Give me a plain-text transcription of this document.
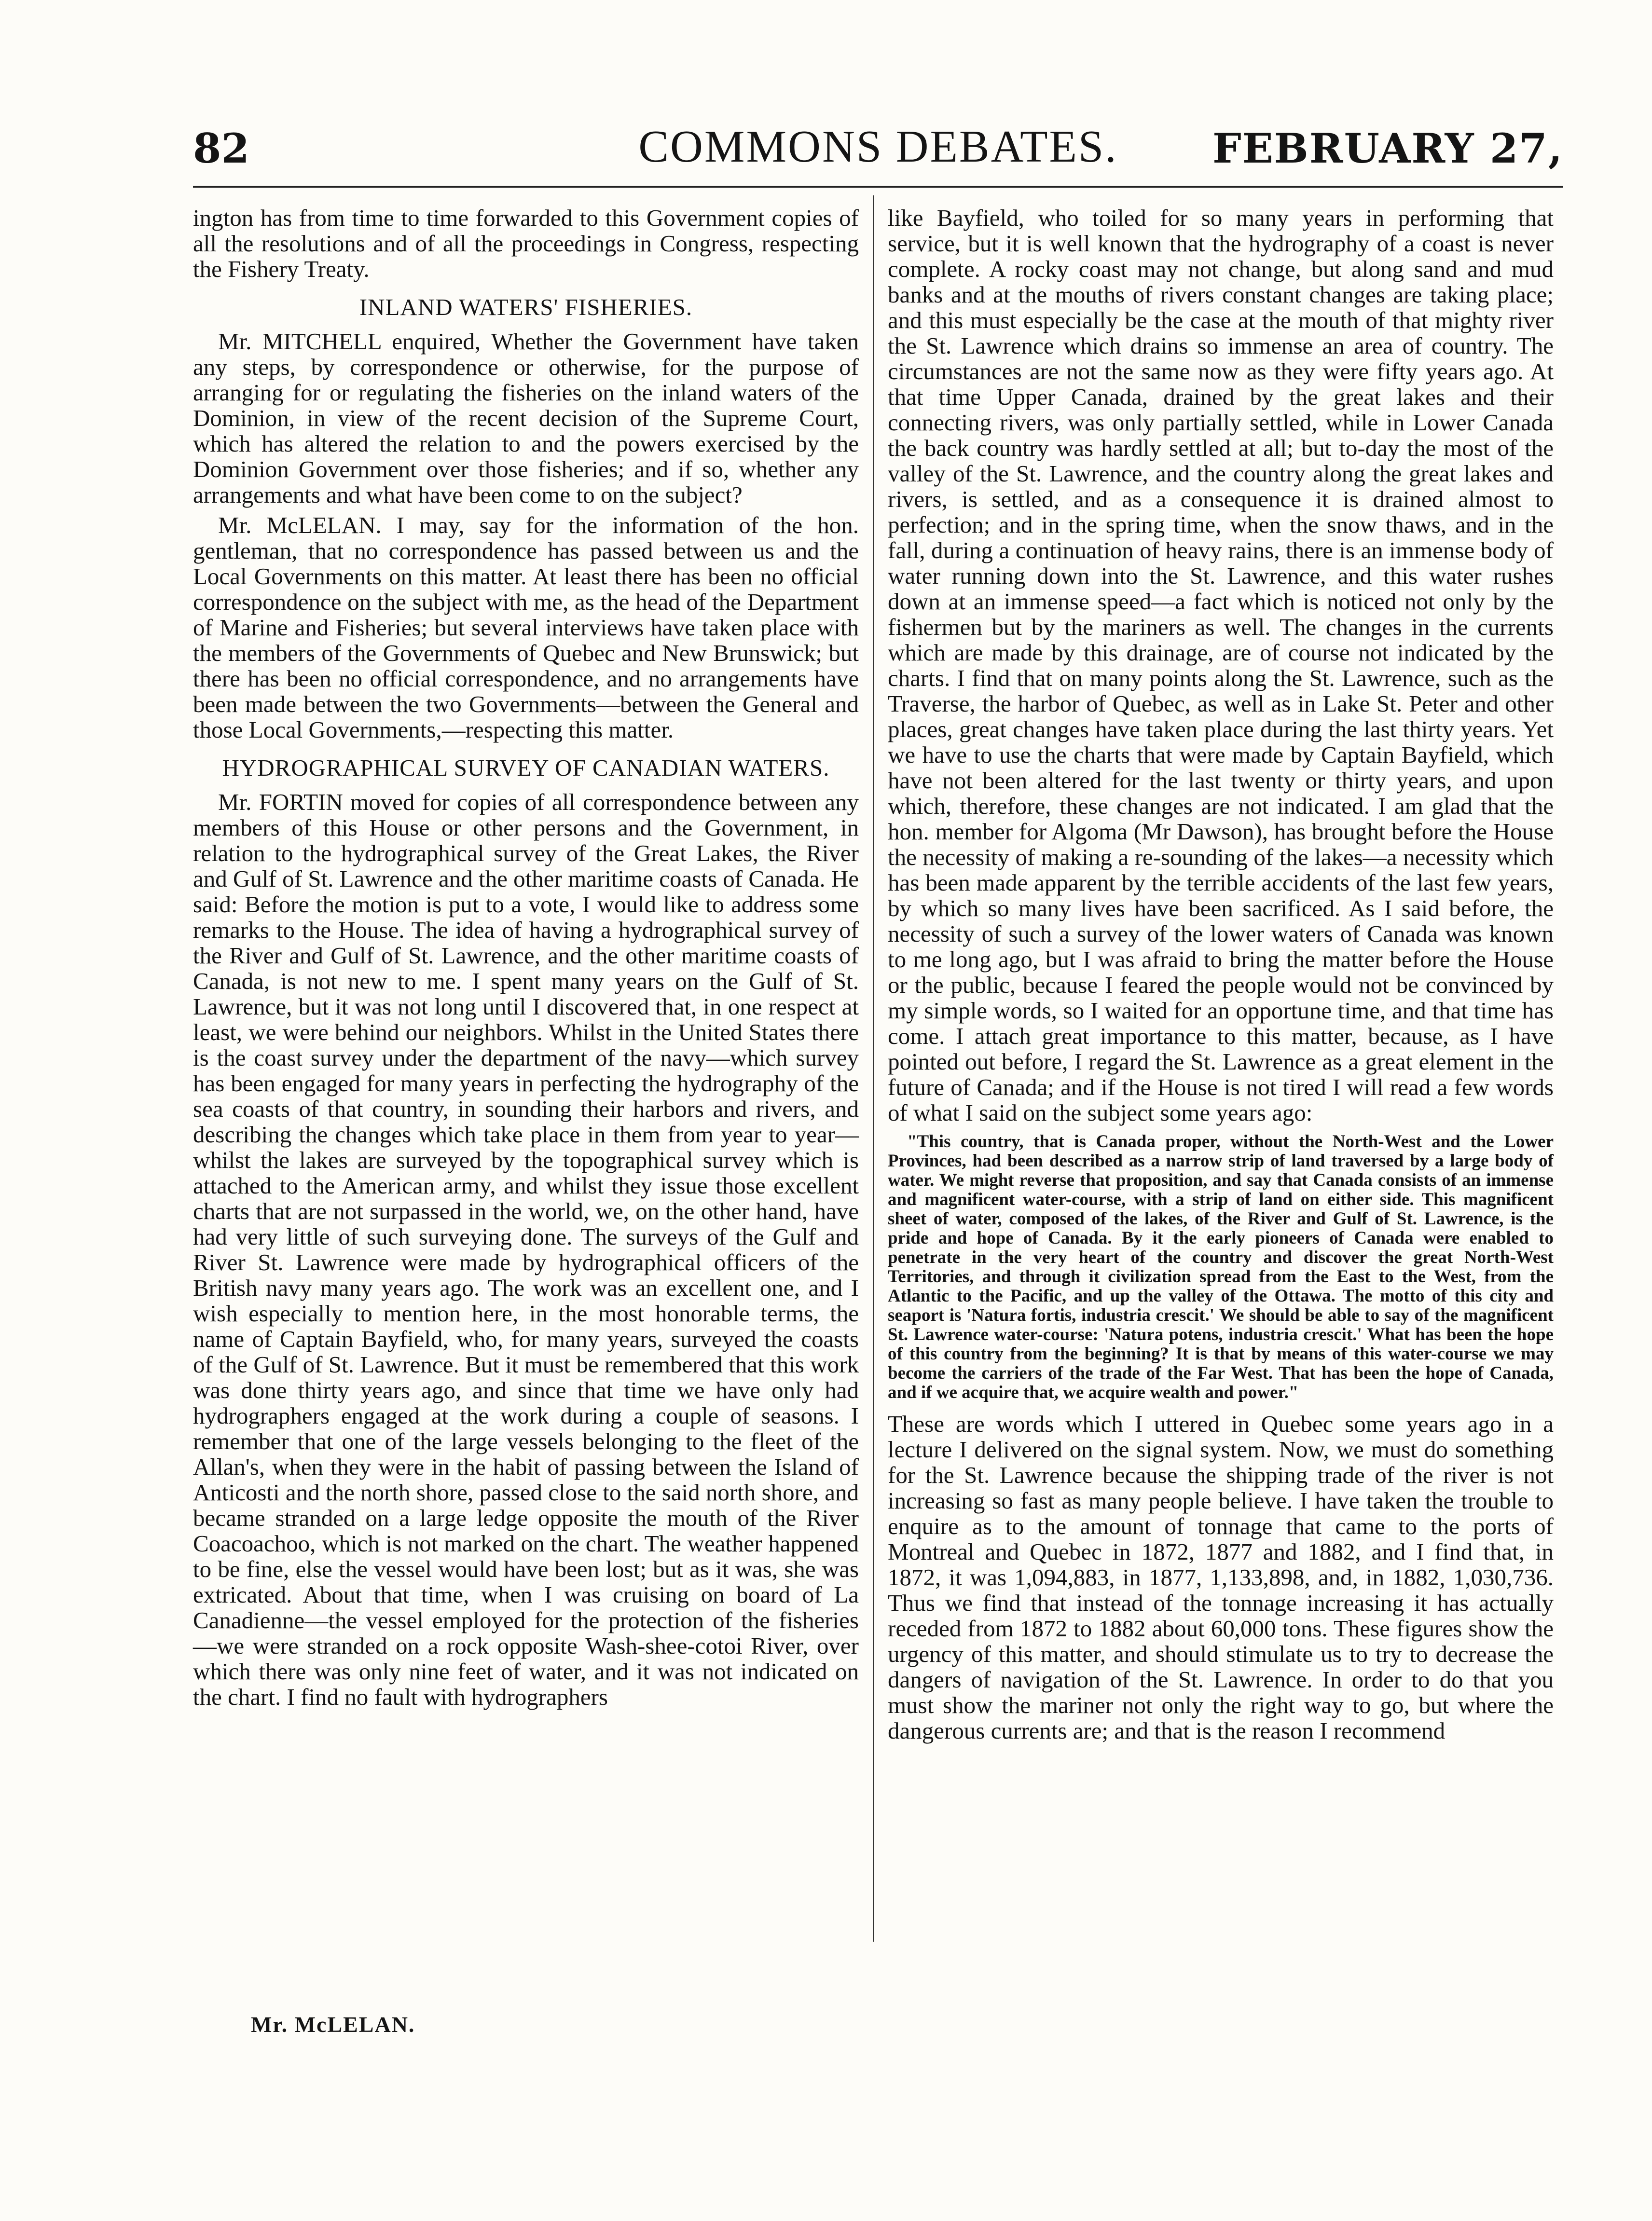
82	COMMONS DEBATES.	FEBRUARY 27,

ington has from time to time forwarded to this Government copies of all the resolutions and of all the proceedings in Congress, respecting the Fishery Treaty.

INLAND WATERS' FISHERIES.

Mr. MITCHELL enquired, Whether the Government have taken any steps, by correspondence or otherwise, for the purpose of arranging for or regulating the fisheries on the inland waters of the Dominion, in view of the recent decision of the Supreme Court, which has altered the relation to and the powers exercised by the Dominion Government over those fisheries; and if so, whether any arrangements and what have been come to on the subject?

Mr. McLELAN. I may, say for the information of the hon. gentleman, that no correspondence has passed between us and the Local Governments on this matter. At least there has been no official correspondence on the subject with me, as the head of the Department of Marine and Fisheries; but several interviews have taken place with the members of the Governments of Quebec and New Brunswick; but there has been no official correspondence, and no arrangements have been made between the two Governments—between the General and those Local Governments,—respecting this matter.

HYDROGRAPHICAL SURVEY OF CANADIAN WATERS.

Mr. FORTIN moved for copies of all correspondence between any members of this House or other persons and the Government, in relation to the hydrographical survey of the Great Lakes, the River and Gulf of St. Lawrence and the other maritime coasts of Canada. He said: Before the motion is put to a vote, I would like to address some remarks to the House. The idea of having a hydrographical survey of the River and Gulf of St. Lawrence, and the other maritime coasts of Canada, is not new to me. I spent many years on the Gulf of St. Lawrence, but it was not long until I discovered that, in one respect at least, we were behind our neighbors. Whilst in the United States there is the coast survey under the department of the navy—which survey has been engaged for many years in perfecting the hydrography of the sea coasts of that country, in sounding their harbors and rivers, and describing the changes which take place in them from year to year—whilst the lakes are surveyed by the topographical survey which is attached to the American army, and whilst they issue those excellent charts that are not surpassed in the world, we, on the other hand, have had very little of such surveying done. The surveys of the Gulf and River St. Lawrence were made by hydrographical officers of the British navy many years ago. The work was an excellent one, and I wish especially to mention here, in the most honorable terms, the name of Captain Bayfield, who, for many years, surveyed the coasts of the Gulf of St. Lawrence. But it must be remembered that this work was done thirty years ago, and since that time we have only had hydrographers engaged at the work during a couple of seasons. I remember that one of the large vessels belonging to the fleet of the Allan's, when they were in the habit of passing between the Island of Anticosti and the north shore, passed close to the said north shore, and became stranded on a large ledge opposite the mouth of the River Coacoachoo, which is not marked on the chart. The weather happened to be fine, else the vessel would have been lost; but as it was, she was extricated. About that time, when I was cruising on board of La Canadienne—the vessel employed for the protection of the fisheries—we were stranded on a rock opposite Wash-shee-cotoi River, over which there was only nine feet of water, and it was not indicated on the chart. I find no fault with hydrographers

like Bayfield, who toiled for so many years in performing that service, but it is well known that the hydrography of a coast is never complete. A rocky coast may not change, but along sand and mud banks and at the mouths of rivers constant changes are taking place; and this must especially be the case at the mouth of that mighty river the St. Lawrence which drains so immense an area of country. The circumstances are not the same now as they were fifty years ago. At that time Upper Canada, drained by the great lakes and their connecting rivers, was only partially settled, while in Lower Canada the back country was hardly settled at all; but to-day the most of the valley of the St. Lawrence, and the country along the great lakes and rivers, is settled, and as a consequence it is drained almost to perfection; and in the spring time, when the snow thaws, and in the fall, during a continuation of heavy rains, there is an immense body of water running down into the St. Lawrence, and this water rushes down at an immense speed—a fact which is noticed not only by the fishermen but by the mariners as well. The changes in the currents which are made by this drainage, are of course not indicated by the charts. I find that on many points along the St. Lawrence, such as the Traverse, the harbor of Quebec, as well as in Lake St. Peter and other places, great changes have taken place during the last thirty years. Yet we have to use the charts that were made by Captain Bayfield, which have not been altered for the last twenty or thirty years, and upon which, therefore, these changes are not indicated. I am glad that the hon. member for Algoma (Mr Dawson), has brought before the House the necessity of making a re-sounding of the lakes—a necessity which has been made apparent by the terrible accidents of the last few years, by which so many lives have been sacrificed. As I said before, the necessity of such a survey of the lower waters of Canada was known to me long ago, but I was afraid to bring the matter before the House or the public, because I feared the people would not be convinced by my simple words, so I waited for an opportune time, and that time has come. I attach great importance to this matter, because, as I have pointed out before, I regard the St. Lawrence as a great element in the future of Canada; and if the House is not tired I will read a few words of what I said on the subject some years ago:

"This country, that is Canada proper, without the North-West and the Lower Provinces, had been described as a narrow strip of land traversed by a large body of water. We might reverse that proposition, and say that Canada consists of an immense and magnificent water-course, with a strip of land on either side. This magnificent sheet of water, composed of the lakes, of the River and Gulf of St. Lawrence, is the pride and hope of Canada. By it the early pioneers of Canada were enabled to penetrate in the very heart of the country and discover the great North-West Territories, and through it civilization spread from the East to the West, from the Atlantic to the Pacific, and up the valley of the Ottawa. The motto of this city and seaport is 'Natura fortis, industria crescit.' We should be able to say of the magnificent St. Lawrence water-course: 'Natura potens, industria crescit.' What has been the hope of this country from the beginning? It is that by means of this water-course we may become the carriers of the trade of the Far West. That has been the hope of Canada, and if we acquire that, we acquire wealth and power."

These are words which I uttered in Quebec some years ago in a lecture I delivered on the signal system. Now, we must do something for the St. Lawrence because the shipping trade of the river is not increasing so fast as many people believe. I have taken the trouble to enquire as to the amount of tonnage that came to the ports of Montreal and Quebec in 1872, 1877 and 1882, and I find that, in 1872, it was 1,094,883, in 1877, 1,133,898, and, in 1882, 1,030,736. Thus we find that instead of the tonnage increasing it has actually receded from 1872 to 1882 about 60,000 tons. These figures show the urgency of this matter, and should stimulate us to try to decrease the dangers of navigation of the St. Lawrence. In order to do that you must show the mariner not only the right way to go, but where the dangerous currents are; and that is the reason I recommend

Mr. McLELAN.
